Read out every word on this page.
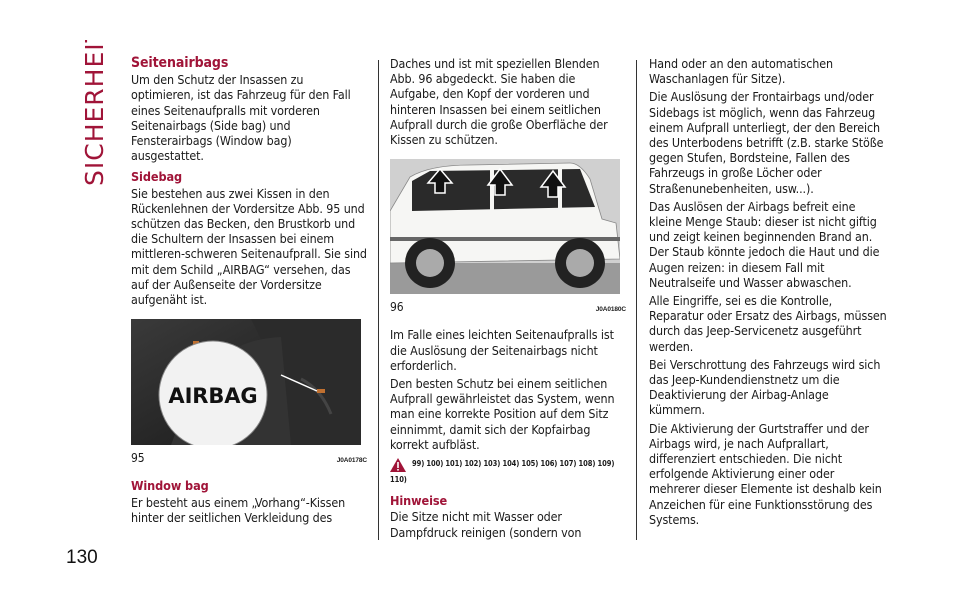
SICHERHEIT
130
Seitenairbags

Um den Schutz der Insassen zu optimieren, ist das Fahrzeug für den Fall eines Seitenaufpralls mit vorderen Seitenairbags (Side bag) und Fensterairbags (Window bag) ausgestattet.

Sidebag

Sie bestehen aus zwei Kissen in den Rückenlehnen der Vordersitze Abb. 95 und schützen das Becken, den Brustkorb und die Schultern der Insassen bei einem mittleren-schweren Seitenaufprall. Sie sind mit dem Schild „AIRBAG“ versehen, das auf der Außenseite der Vordersitze aufgenäht ist.

AIRBAG
95	J0A0178C
Window bag

Er besteht aus einem „Vorhang“-Kissen hinter der seitlichen Verkleidung des

Daches und ist mit speziellen Blenden Abb. 96 abgedeckt. Sie haben die Aufgabe, den Kopf der vorderen und hinteren Insassen bei einem seitlichen Aufprall durch die große Oberfläche der Kissen zu schützen.

96	J0A0180C

Im Falle eines leichten Seitenaufpralls ist die Auslösung der Seitenairbags nicht erforderlich.

Den besten Schutz bei einem seitlichen Aufprall gewährleistet das System, wenn man eine korrekte Position auf dem Sitz einnimmt, damit sich der Kopfairbag korrekt aufbläst.

99) 100) 101) 102) 103) 104) 105) 106) 107) 108) 109)
110)
Hinweise

Die Sitze nicht mit Wasser oder Dampfdruck reinigen (sondern von

Hand oder an den automatischen Waschanlagen für Sitze).

Die Auslösung der Frontairbags und/oder Sidebags ist möglich, wenn das Fahrzeug einem Aufprall unterliegt, der den Bereich des Unterbodens betrifft (z.B. starke Stöße gegen Stufen, Bordsteine, Fallen des Fahrzeugs in große Löcher oder Straßenunebenheiten, usw...).

Das Auslösen der Airbags befreit eine kleine Menge Staub: dieser ist nicht giftig und zeigt keinen beginnenden Brand an. Der Staub könnte jedoch die Haut und die Augen reizen: in diesem Fall mit Neutralseife und Wasser abwaschen.

Alle Eingriffe, sei es die Kontrolle, Reparatur oder Ersatz des Airbags, müssen durch das Jeep-Servicenetz ausgeführt werden.

Bei Verschrottung des Fahrzeugs wird sich das Jeep-Kundendienstnetz um die Deaktivierung der Airbag-Anlage kümmern.

Die Aktivierung der Gurtstraffer und der Airbags wird, je nach Aufprallart, differenziert entschieden. Die nicht erfolgende Aktivierung einer oder mehrerer dieser Elemente ist deshalb kein Anzeichen für eine Funktionsstörung des Systems.
